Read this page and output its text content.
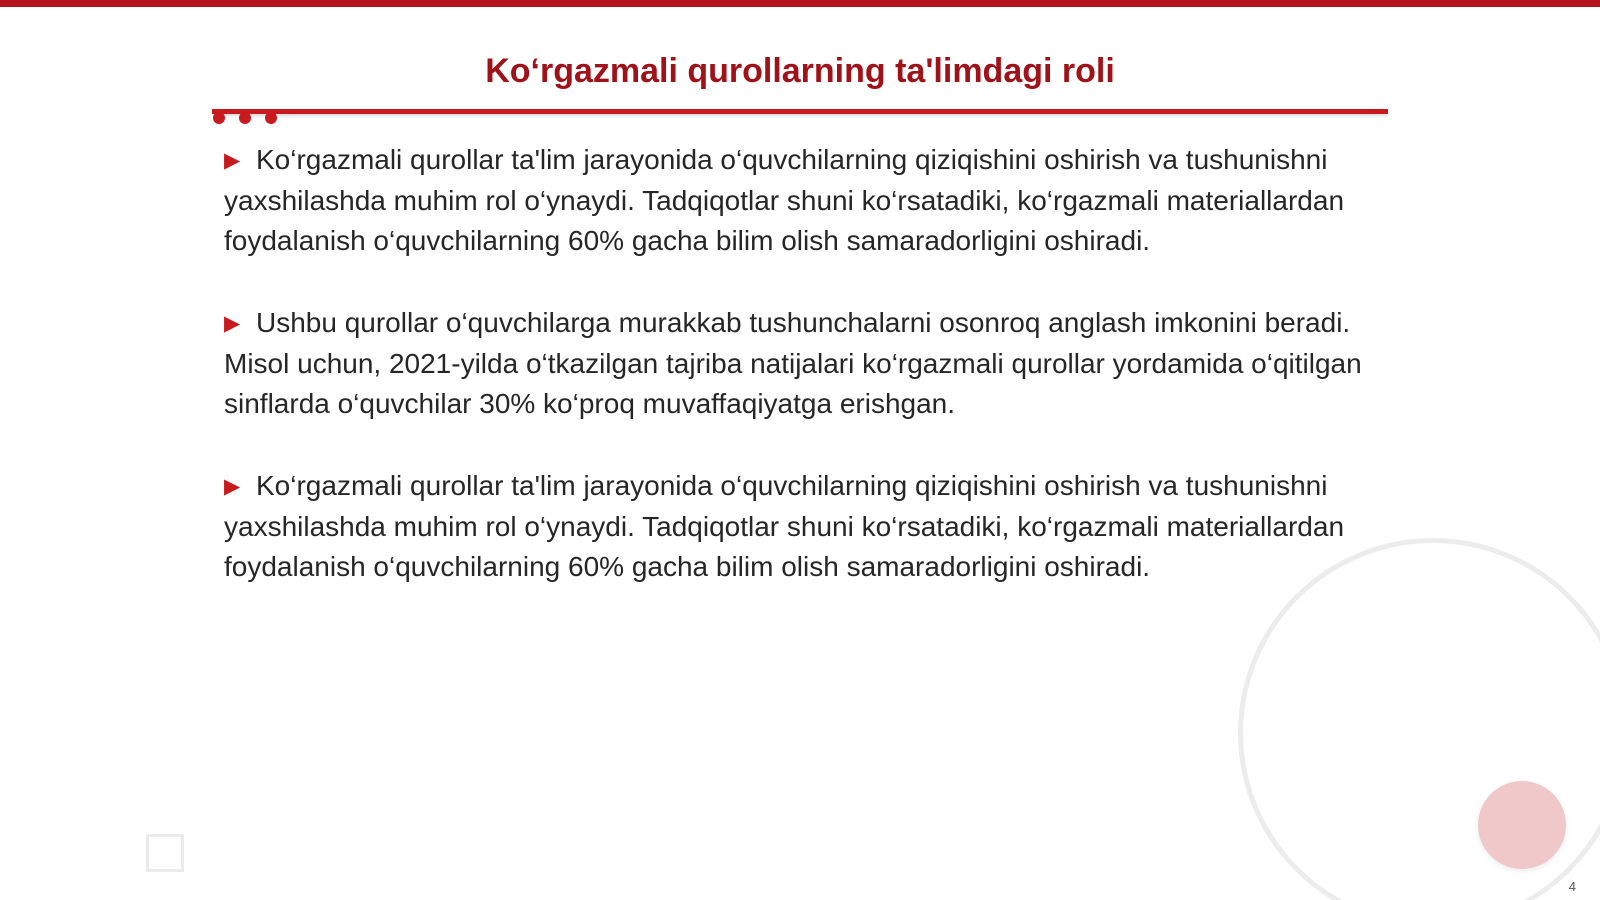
Ko‘rgazmali qurollarning ta'limdagi roli
▶ Ko‘rgazmali qurollar ta'lim jarayonida o‘quvchilarning qiziqishini oshirish va tushunishni yaxshilashda muhim rol o‘ynaydi. Tadqiqotlar shuni ko‘rsatadiki, ko‘rgazmali materiallardan foydalanish o‘quvchilarning 60% gacha bilim olish samaradorligini oshiradi.
▶ Ushbu qurollar o‘quvchilarga murakkab tushunchalarni osonroq anglash imkonini beradi. Misol uchun, 2021-yilda o‘tkazilgan tajriba natijalari ko‘rgazmali qurollar yordamida o‘qitilgan sinflarda o‘quvchilar 30% ko‘proq muvaffaqiyatga erishgan.
▶ Ko‘rgazmali qurollar ta'lim jarayonida o‘quvchilarning qiziqishini oshirish va tushunishni yaxshilashda muhim rol o‘ynaydi. Tadqiqotlar shuni ko‘rsatadiki, ko‘rgazmali materiallardan foydalanish o‘quvchilarning 60% gacha bilim olish samaradorligini oshiradi.
4
